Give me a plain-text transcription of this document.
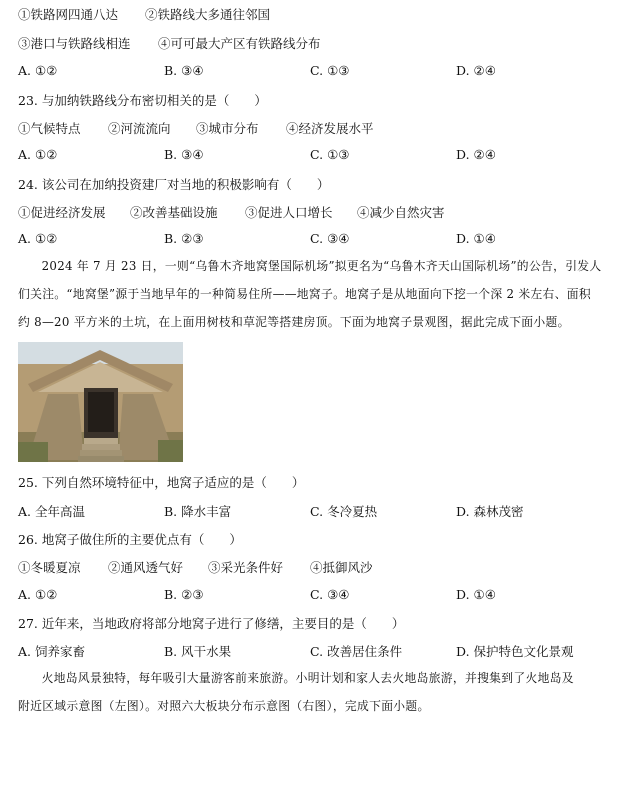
①铁路网四通八达 ②铁路线大多通往邻国
③港口与铁路线相连 ④可可最大产区有铁路线分布
A. ①②	B. ③④	C. ①③	D. ②④
23. 与加纳铁路线分布密切相关的是（　　）
①气候特点 ②河流流向 ③城市分布 ④经济发展水平
A. ①②	B. ③④	C. ①③	D. ②④
24. 该公司在加纳投资建厂对当地的积极影响有（　　）
①促进经济发展 ②改善基础设施 ③促进人口增长 ④减少自然灾害
A. ①②	B. ②③	C. ③④	D. ①④

2024 年 7 月 23 日，一则“乌鲁木齐地窝堡国际机场”拟更名为“乌鲁木齐天山国际机场”的公告，引发人

们关注。“地窝堡”源于当地早年的一种简易住所——地窝子。地窝子是从地面向下挖一个深 2 米左右、面积

约 8—20 平方米的土坑，在上面用树枝和草泥等搭建房顶。下面为地窝子景观图，据此完成下面小题。

25. 下列自然环境特征中，地窝子适应的是（　　）
A. 全年高温	B. 降水丰富	C. 冬冷夏热	D. 森林茂密
26. 地窝子做住所的主要优点有（　　）
①冬暖夏凉 ②通风透气好 ③采光条件好 ④抵御风沙
A. ①②	B. ②③	C. ③④	D. ①④
27. 近年来，当地政府将部分地窝子进行了修缮，主要目的是（　　）
A. 饲养家畜	B. 风干水果	C. 改善居住条件	D. 保护特色文化景观

火地岛风景独特，每年吸引大量游客前来旅游。小明计划和家人去火地岛旅游，并搜集到了火地岛及

附近区域示意图（左图）。对照六大板块分布示意图（右图），完成下面小题。
